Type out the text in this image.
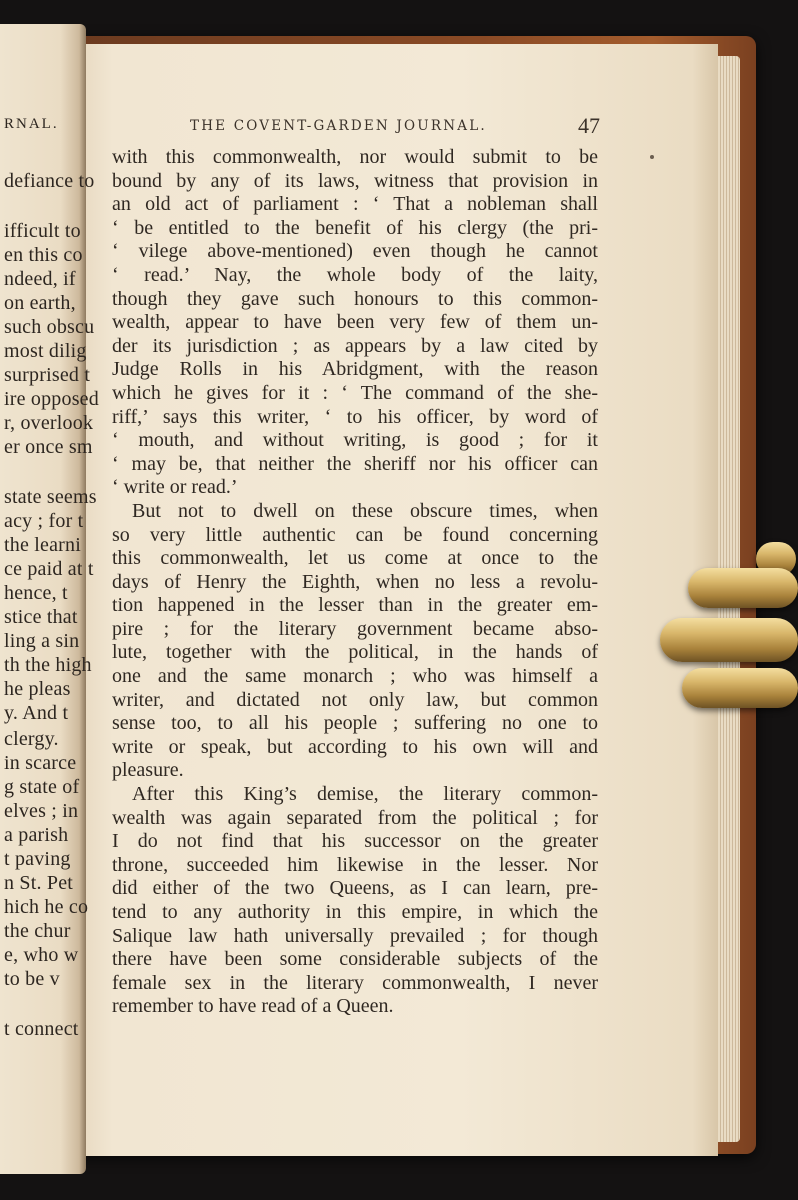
RNAL.
defiance to
ifficult to
en this co
ndeed, if
on earth,
such obscu
most dilig
surprised t
ire opposed
r, overlook
er once sm
state seems
acy ; for t
the learni
ce paid at t
hence, t
stice that
ling a sin
th the high
he pleas
y. And t
clergy.
in scarce
g state of
elves ; in
a parish
t paving
n St. Pet
hich he co
the chur
e, who w
to be v
t connect
THE COVENT-GARDEN JOURNAL.	47
with this commonwealth, nor would submit to be
bound by any of its laws, witness that provision in
an old act of parliament : ‘ That a nobleman shall
‘ be entitled to the benefit of his clergy (the pri-
‘ vilege above-mentioned) even though he cannot
‘ read.’ Nay, the whole body of the laity,
though they gave such honours to this common-
wealth, appear to have been very few of them un-
der its jurisdiction ; as appears by a law cited by
Judge Rolls in his Abridgment, with the reason
which he gives for it : ‘ The command of the she-
riff,’ says this writer, ‘ to his officer, by word of
‘ mouth, and without writing, is good ; for it
‘ may be, that neither the sheriff nor his officer can
‘ write or read.’
But not to dwell on these obscure times, when
so very little authentic can be found concerning
this commonwealth, let us come at once to the
days of Henry the Eighth, when no less a revolu-
tion happened in the lesser than in the greater em-
pire ; for the literary government became abso-
lute, together with the political, in the hands of
one and the same monarch ; who was himself a
writer, and dictated not only law, but common
sense too, to all his people ; suffering no one to
write or speak, but according to his own will and
pleasure.
After this King’s demise, the literary common-
wealth was again separated from the political ; for
I do not find that his successor on the greater
throne, succeeded him likewise in the lesser. Nor
did either of the two Queens, as I can learn, pre-
tend to any authority in this empire, in which the
Salique law hath universally prevailed ; for though
there have been some considerable subjects of the
female sex in the literary commonwealth, I never
remember to have read of a Queen.
